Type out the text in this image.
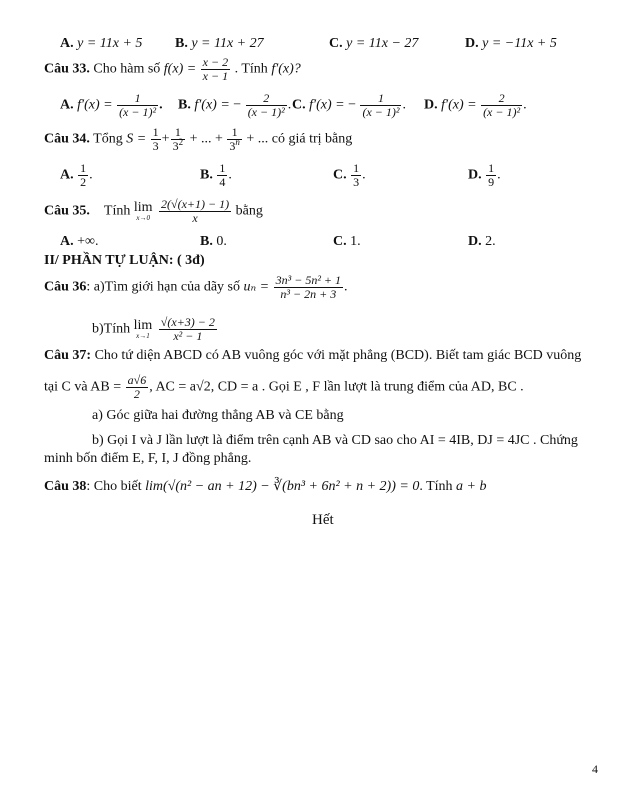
A. y = 11x + 5 B. y = 11x + 27	C. y = 11x − 27	D. y = −11x + 5
Câu 33. Cho hàm số $f(x) = \frac{x - 2}{x - 1}$ . Tính f′(x)?
A. $f'(x) = \frac{1}{\text{(x − 1)²}}$ . B. f′(x) = − $\frac{2}{\text{(x − 1)²}}$ . C. f′(x) = − $\frac{1}{\text{(x − 1)²}}$ . D. $f'(x) = \frac{2}{\text{(x − 1)²}}$ .
Câu 34. Tổng $S = \frac{1}{3} + \frac{1}{3^2}$ + ... + $\frac{1}{3^n}$ + ... có giá trị bằng
A. $\frac{1}{2}$ .	B. $\frac{1}{4}$ .	C. $\frac{1}{3}$ .	D. $\frac{1}{9}$ .
Câu 35. Tính lim
x→0
$\frac{2(√(x+1) - 1)}{x}$ bằng
A. +∞.	B. 0.	C. 1.	D. 2.
II/ PHẦN TỰ LUẬN: ( 3đ)
Câu 36: a)Tìm giới hạn của dãy số $u_n = \frac{\text{3n³ − 5n² + 1}}{\text{n³ − 2n + 3}}$ .
b)Tính lim
x→1
$\frac{√(x+3) - 2}{\text{x² − 1}}$
Câu 37: Cho tứ diện ABCD có AB vuông góc với mặt phẳng (BCD). Biết tam giác BCD vuông
tại C và AB = $\frac{a√6}{2}$ , AC = a√2, CD = a . Gọi E , F lần lượt là trung điểm của AD, BC .
a) Góc giữa hai đường thẳng AB và CE bằng
b) Gọi I và J lần lượt là điểm trên cạnh AB và CD sao cho AI = 4IB, DJ = 4JC . Chứng
minh bốn điểm E, F, I, J đồng phẳng.
Câu 38: Cho biết lim(√(n² − an + 12) − ∛(bn³ + 6n² + n + 2)) = 0. Tính a + b
Hết
4
